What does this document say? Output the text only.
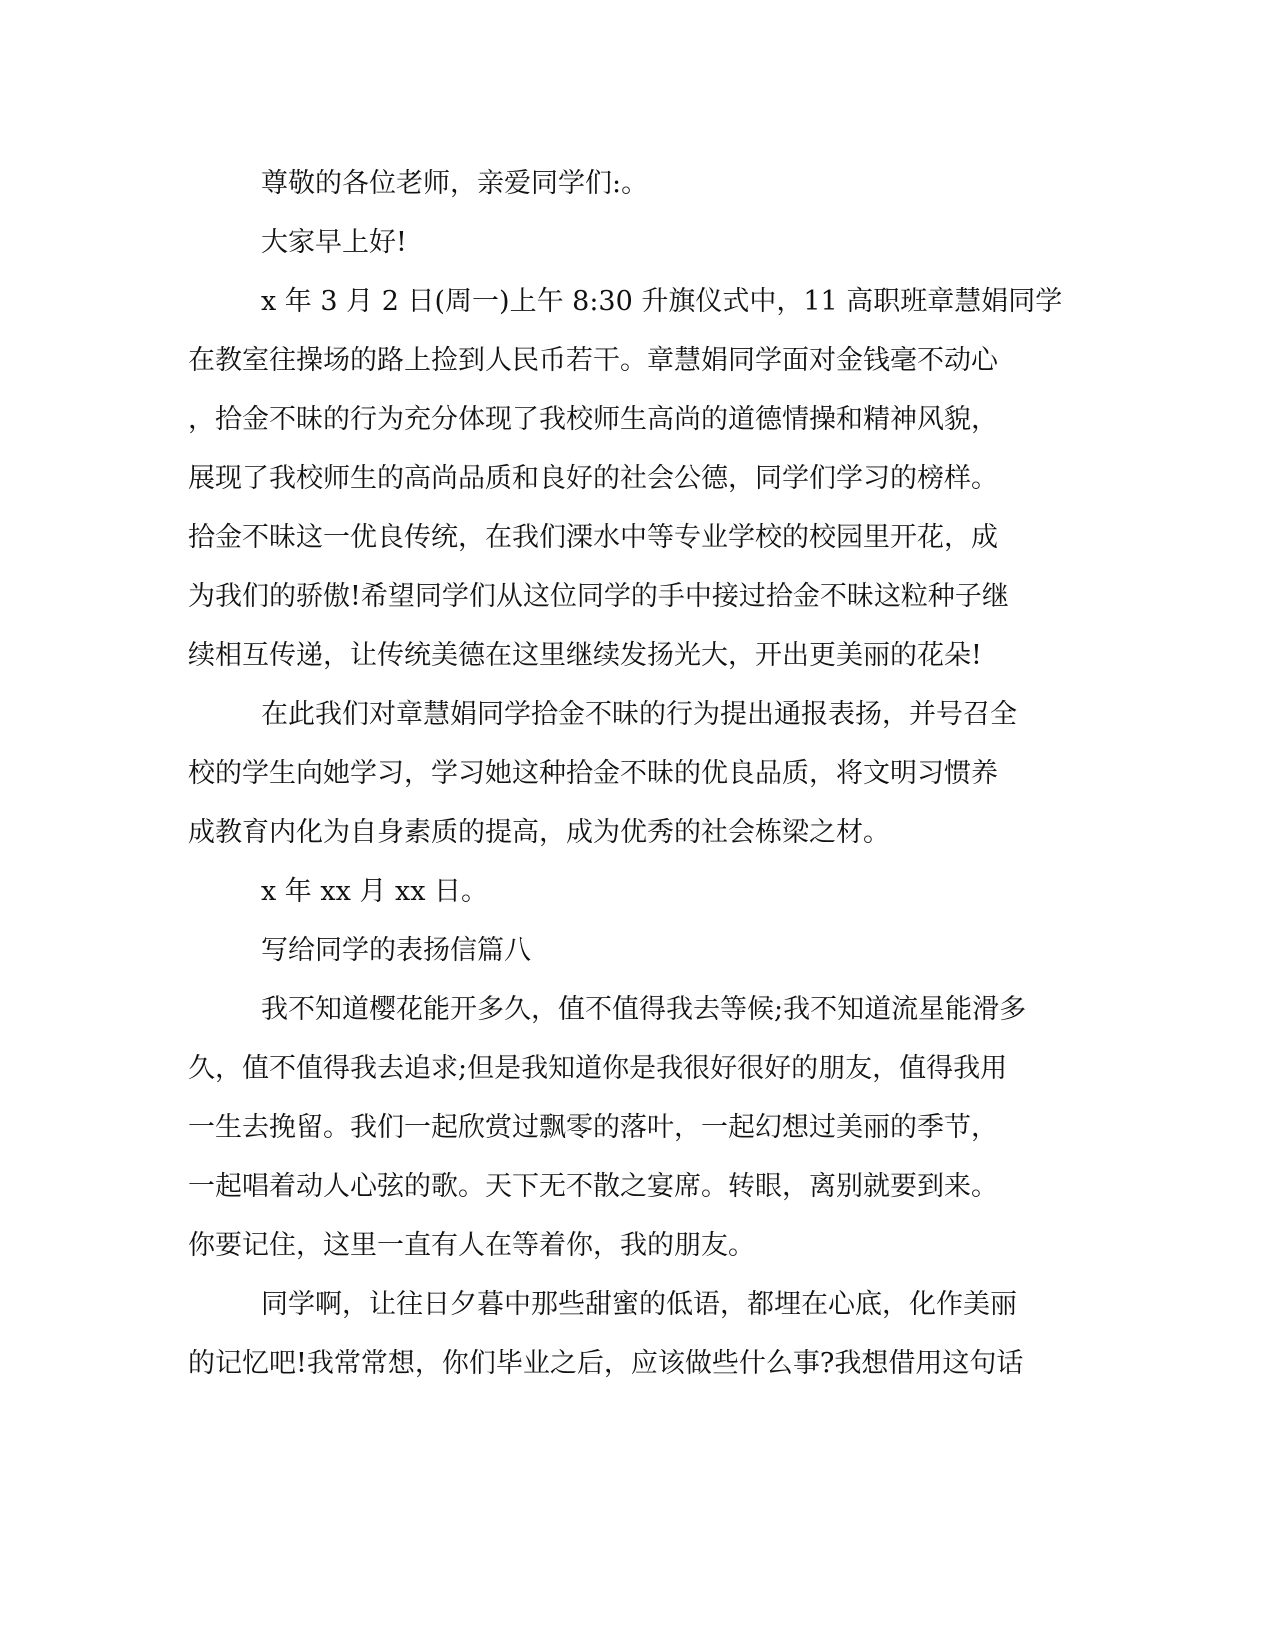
尊敬的各位老师，亲爱同学们:。

大家早上好!

x 年 3 月 2 日(周一)上午 8:30 升旗仪式中，11 高职班章慧娟同学

在教室往操场的路上捡到人民币若干。章慧娟同学面对金钱毫不动心

，拾金不昧的行为充分体现了我校师生高尚的道德情操和精神风貌，

展现了我校师生的高尚品质和良好的社会公德，同学们学习的榜样。

拾金不昧这一优良传统，在我们溧水中等专业学校的校园里开花，成

为我们的骄傲!希望同学们从这位同学的手中接过拾金不昧这粒种子继

续相互传递，让传统美德在这里继续发扬光大，开出更美丽的花朵!

在此我们对章慧娟同学拾金不昧的行为提出通报表扬，并号召全

校的学生向她学习，学习她这种拾金不昧的优良品质，将文明习惯养

成教育内化为自身素质的提高，成为优秀的社会栋梁之材。

x 年 xx 月 xx 日。

写给同学的表扬信篇八

我不知道樱花能开多久，值不值得我去等候;我不知道流星能滑多

久，值不值得我去追求;但是我知道你是我很好很好的朋友，值得我用

一生去挽留。我们一起欣赏过飘零的落叶，一起幻想过美丽的季节，

一起唱着动人心弦的歌。天下无不散之宴席。转眼，离别就要到来。

你要记住，这里一直有人在等着你，我的朋友。

同学啊，让往日夕暮中那些甜蜜的低语，都埋在心底，化作美丽

的记忆吧!我常常想，你们毕业之后，应该做些什么事?我想借用这句话
